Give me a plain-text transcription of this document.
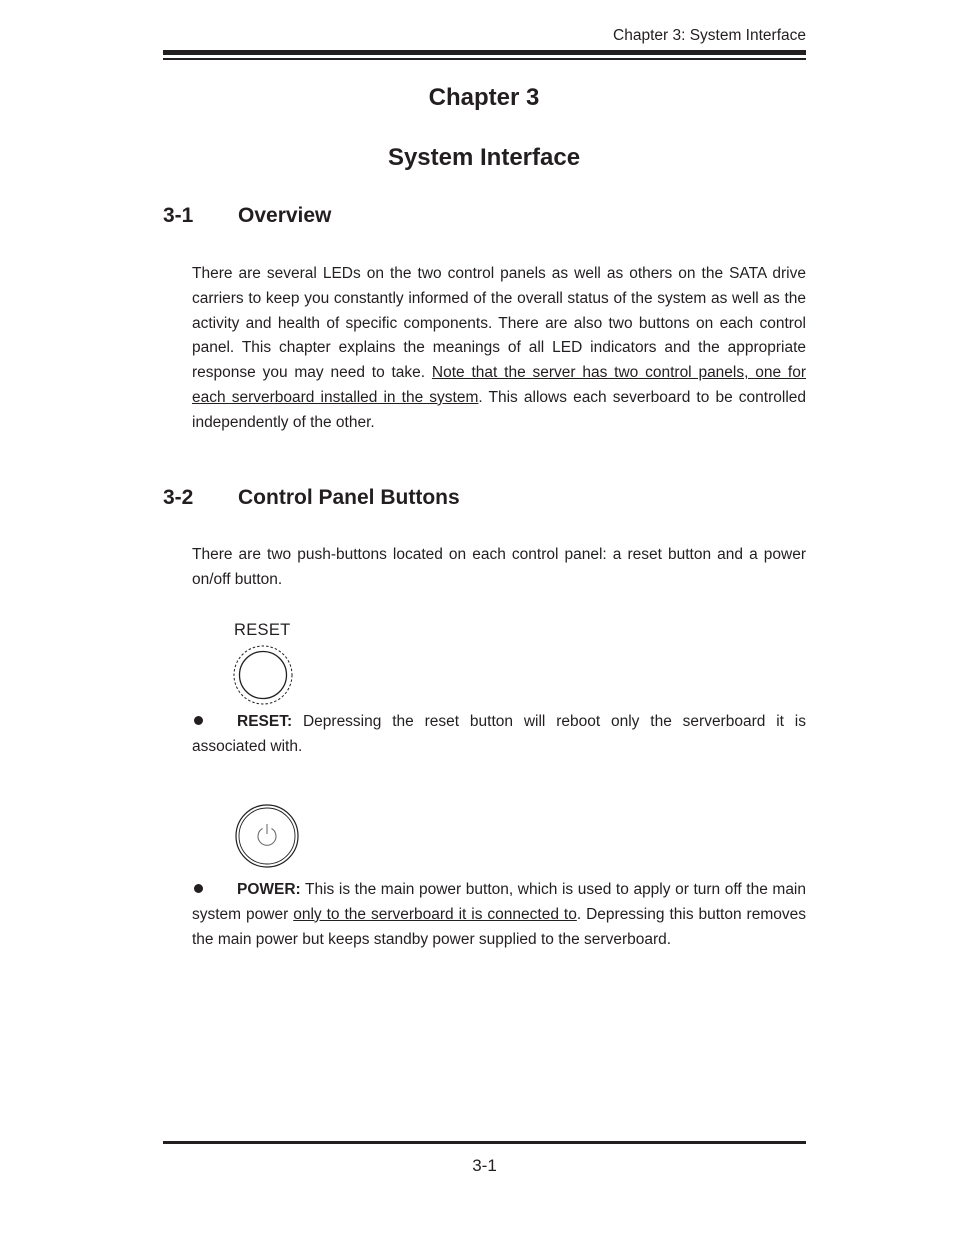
Chapter 3: System Interface
Chapter 3
System Interface
3-1 Overview
There are several LEDs on the two control panels as well as others on the SATA drive carriers to keep you constantly informed of the overall status of the system as well as the activity and health of specific components. There are also two buttons on each control panel. This chapter explains the meanings of all LED indicators and the appropriate response you may need to take. Note that the server has two control panels, one for each serverboard installed in the system. This allows each severboard to be controlled independently of the other.
3-2 Control Panel Buttons
There are two push-buttons located on each control panel: a reset button and a power on/off button.
RESET
RESET: Depressing the reset button will reboot only the serverboard it is associated with.
POWER: This is the main power button, which is used to apply or turn off the main system power only to the serverboard it is connected to. Depressing this button removes the main power but keeps standby power supplied to the serverboard.
3-1
